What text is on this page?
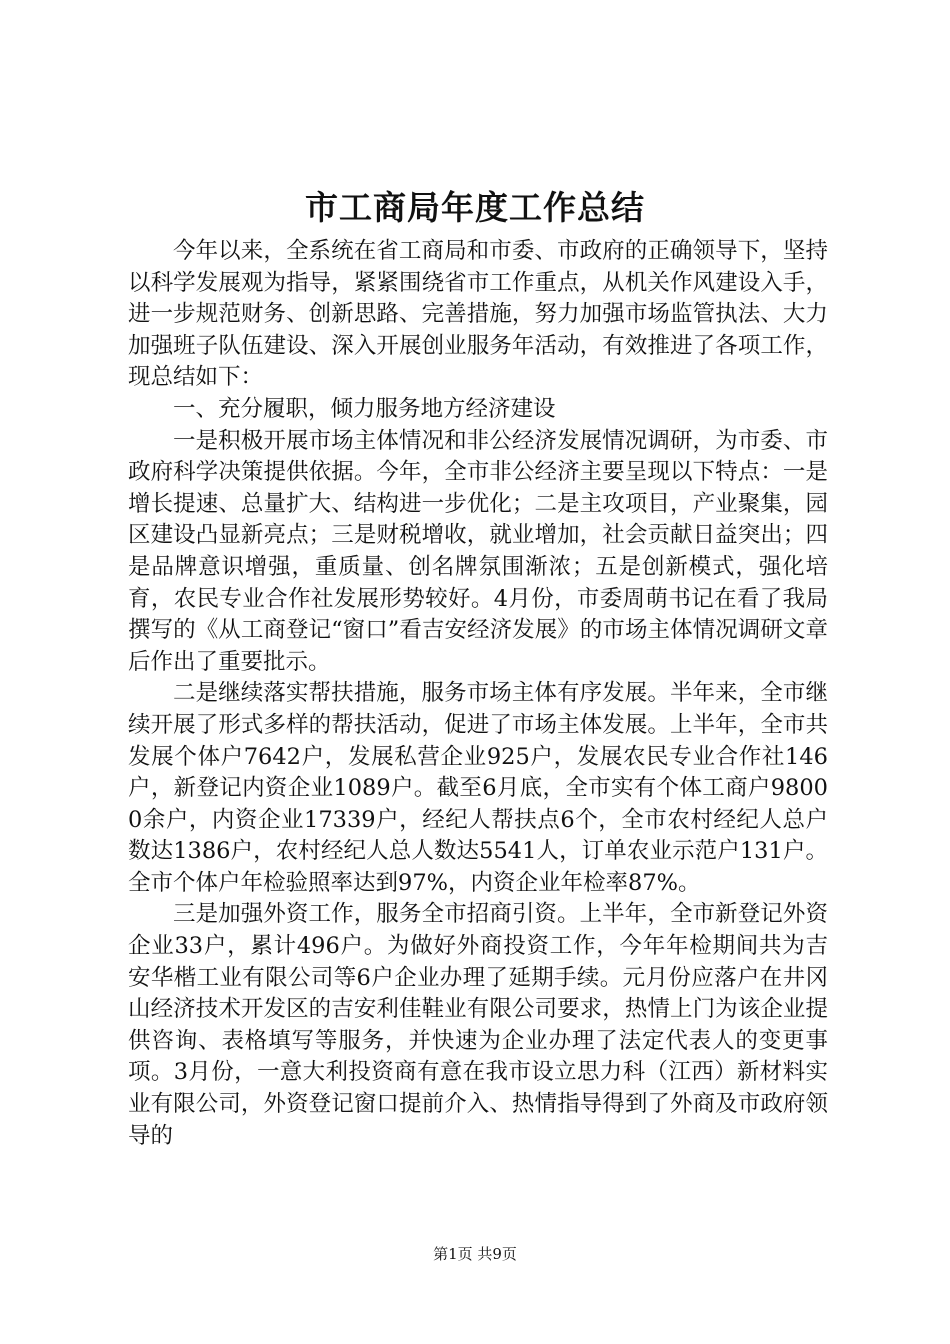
市工商局年度工作总结

今年以来，全系统在省工商局和市委、市政府的正确领导下，坚持以科学发展观为指导，紧紧围绕省市工作重点，从机关作风建设入手，进一步规范财务、创新思路、完善措施，努力加强市场监管执法、大力加强班子队伍建设、深入开展创业服务年活动，有效推进了各项工作，现总结如下：

一、充分履职，倾力服务地方经济建设

一是积极开展市场主体情况和非公经济发展情况调研，为市委、市政府科学决策提供依据。今年，全市非公经济主要呈现以下特点：一是增长提速、总量扩大、结构进一步优化；二是主攻项目，产业聚集，园区建设凸显新亮点；三是财税增收，就业增加，社会贡献日益突出；四是品牌意识增强，重质量、创名牌氛围渐浓；五是创新模式，强化培育，农民专业合作社发展形势较好。4月份，市委周萌书记在看了我局撰写的《从工商登记“窗口”看吉安经济发展》的市场主体情况调研文章后作出了重要批示。

二是继续落实帮扶措施，服务市场主体有序发展。半年来，全市继续开展了形式多样的帮扶活动，促进了市场主体发展。上半年，全市共发展个体户7642户，发展私营企业925户，发展农民专业合作社146户，新登记内资企业1089户。截至6月底，全市实有个体工商户98000余户，内资企业17339户，经纪人帮扶点6个，全市农村经纪人总户数达1386户，农村经纪人总人数达5541人，订单农业示范户131户。全市个体户年检验照率达到97%，内资企业年检率87%。

三是加强外资工作，服务全市招商引资。上半年，全市新登记外资企业33户，累计496户。为做好外商投资工作，今年年检期间共为吉安华楷工业有限公司等6户企业办理了延期手续。元月份应落户在井冈山经济技术开发区的吉安利佳鞋业有限公司要求，热情上门为该企业提供咨询、表格填写等服务，并快速为企业办理了法定代表人的变更事项。3月份，一意大利投资商有意在我市设立思力科（江西）新材料实业有限公司，外资登记窗口提前介入、热情指导得到了外商及市政府领导的

第1页 共9页
